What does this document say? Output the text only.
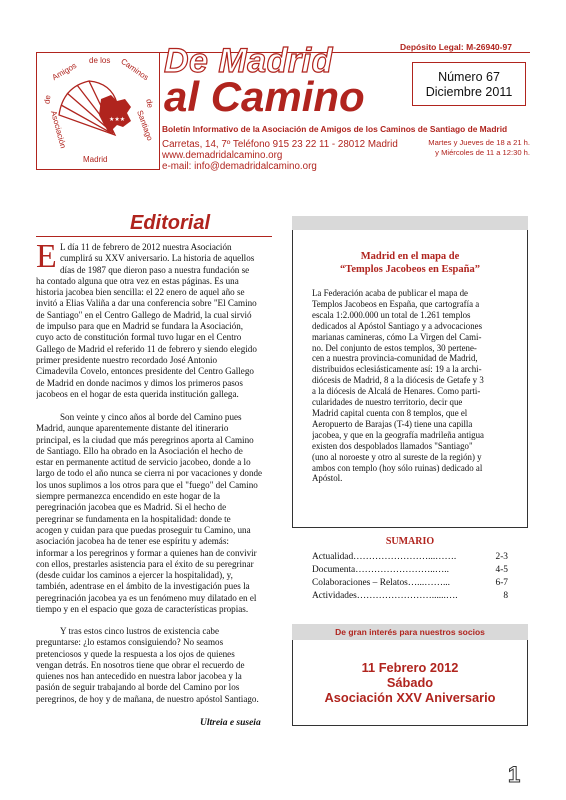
★★★
Amigos
de los Caminos
de
Santiago
Asociación
de
Madrid
Depósito Legal: M-26940-97
De Madrid
al Camino	Número 67
Diciembre 2011
Boletín Informativo de la Asociación de Amigos de los Caminos de Santiago de Madrid
Carretas, 14, 7º Teléfono 915 23 22 11 - 28012 Madrid
www.demadridalcamino.org
e-mail: info@demadridalcamino.org
Martes y Jueves de 18 a 21 h.
y Miércoles de 11 a 12:30 h.
Editorial
E L día 11 de febrero de 2012 nuestra Asociación
cumplirá su XXV aniversario. La historia de aquellos
días de 1987 que dieron paso a nuestra fundación se
ha contado alguna que otra vez en estas páginas. Es una
historia jacobea bien sencilla: el 22 enero de aquel año se
invitó a Elias Valiña a dar una conferencia sobre "El Camino
de Santiago" en el Centro Gallego de Madrid, la cual sirvió
de impulso para que en Madrid se fundara la Asociación,
cuyo acto de constitución formal tuvo lugar en el Centro
Gallego de Madrid el referido 11 de febrero y siendo elegido
primer presidente nuestro recordado José Antonio
Cimadevila Covelo, entonces presidente del Centro Gallego
de Madrid en donde nacimos y dimos los primeros pasos
jacobeos en el hogar de esta querida institución gallega.
Son veinte y cinco años al borde del Camino pues
Madrid, aunque aparentemente distante del itinerario
principal, es la ciudad que más peregrinos aporta al Camino
de Santiago. Ello ha obrado en la Asociación el hecho de
estar en permanente actitud de servicio jacobeo, donde a lo
largo de todo el año nunca se cierra ni por vacaciones y donde
los unos suplimos a los otros para que el "fuego" del Camino
siempre permanezca encendido en este hogar de la
peregrinación jacobea que es Madrid. Si el hecho de
peregrinar se fundamenta en la hospitalidad: donde te
acogen y cuidan para que puedas proseguir tu Camino, una
asociación jacobea ha de tener ese espíritu y además:
informar a los peregrinos y formar a quienes han de convivir
con ellos, prestarles asistencia para el éxito de su peregrinar
(desde cuidar los caminos a ejercer la hospitalidad), y,
también, adentrase en el ámbito de la investigación pues la
peregrinación jacobea ya es un fenómeno muy dilatado en el
tiempo y en el espacio que goza de características propias.
Y tras estos cinco lustros de existencia cabe
preguntarse: ¿lo estamos consiguiendo? No seamos
pretenciosos y quede la respuesta a los ojos de quienes
vengan detrás. En nosotros tiene que obrar el recuerdo de
quienes nos han antecedido en nuestra labor jacobea y la
pasión de seguir trabajando al borde del Camino por los
peregrinos, de hoy y de mañana, de nuestro apóstol Santiago.
Ultreia e suseia
Madrid en el mapa de
“Templos Jacobeos en España”
La Federación acaba de publicar el mapa de
Templos Jacobeos en España, que cartografía a
escala 1:2.000.000 un total de 1.261 templos
dedicados al Apóstol Santiago y a advocaciones
marianas camineras, cómo La Virgen del Cami-
no. Del conjunto de estos templos, 30 pertene-
cen a nuestra provincia-comunidad de Madrid,
distribuidos eclesiásticamente así: 19 a la archi-
diócesis de Madrid, 8 a la diócesis de Getafe y 3
a la diócesis de Alcalá de Henares. Como parti-
cularidades de nuestro territorio, decir que
Madrid capital cuenta con 8 templos, que el
Aeropuerto de Barajas (T-4) tiene una capilla
jacobea, y que en la geografía madrileña antigua
existen dos despoblados llamados "Santiago"
(uno al noroeste y otro al sureste de la región) y
ambos con templo (hoy sólo ruinas) dedicado al
Apóstol.
SUMARIO
Actualidad……………………...…….	2-3
Documenta……………………..…..	4-5
Colaboraciones – Relatos…...……...	6-7
Actividades……………………......….	8
De gran interés para nuestros socios
11 Febrero 2012
Sábado
Asociación XXV Aniversario
1
